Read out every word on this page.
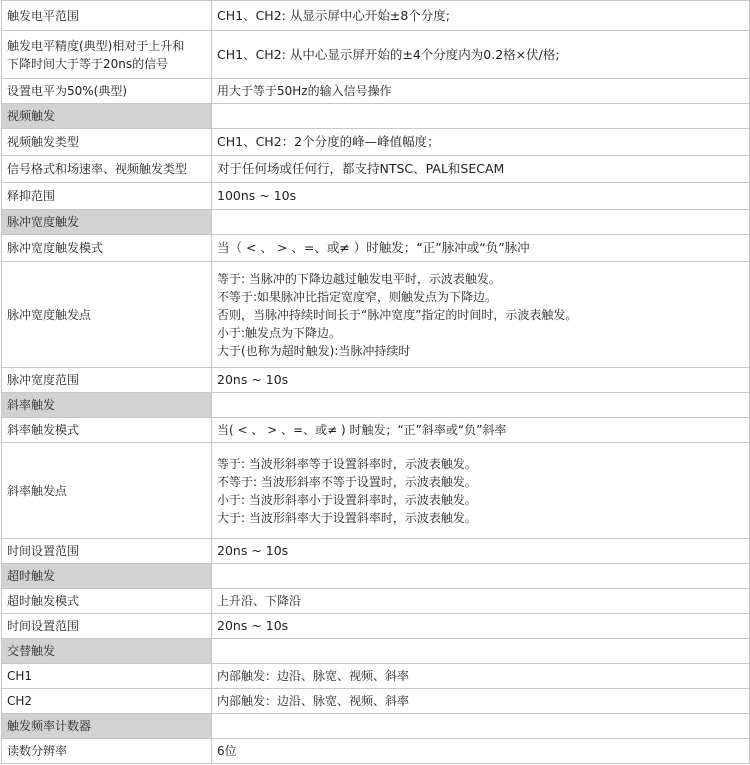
触发电平范围	CH1、CH2: 从显示屏中心开始±8个分度;

触发电平精度(典型)相对于上升和
下降时间大于等于20ns的信号	CH1、CH2: 从中心显示屏开始的±4个分度内为0.2格×伏/格;
设置电平为50%(典型)	用大于等于50Hz的输入信号操作
视频触发	
视频触发类型	CH1、CH2：2个分度的峰—峰值幅度；
信号格式和场速率、视频触发类型	对于任何场或任何行，都支持NTSC、PAL和SECAM
释抑范围	100ns ~ 10s
脉冲宽度触发	
脉冲宽度触发模式	当（ < 、 > 、=、或≠ ）时触发；“正”脉冲或“负”脉冲
脉冲宽度触发点	等于: 当脉冲的下降边越过触发电平时，示波表触发。
不等于:如果脉冲比指定宽度窄，则触发点为下降边。
否则，当脉冲持续时间长于“脉冲宽度”指定的时间时，示波表触发。
小于:触发点为下降边。
大于(也称为超时触发):当脉冲持续时

脉冲宽度范围	20ns ~ 10s
斜率触发	
斜率触发模式	当( < 、 > 、=、或≠ ) 时触发；“正”斜率或“负”斜率
斜率触发点	等于: 当波形斜率等于设置斜率时，示波表触发。
不等于: 当波形斜率不等于设置时，示波表触发。
小于: 当波形斜率小于设置斜率时，示波表触发。
大于: 当波形斜率大于设置斜率时，示波表触发。

时间设置范围	20ns ~ 10s
超时触发	
超时触发模式	上升沿、下降沿
时间设置范围	20ns ~ 10s
交替触发	
CH1	内部触发：边沿、脉宽、视频、斜率
CH2	内部触发：边沿、脉宽、视频、斜率
触发频率计数器	
读数分辨率	6位
